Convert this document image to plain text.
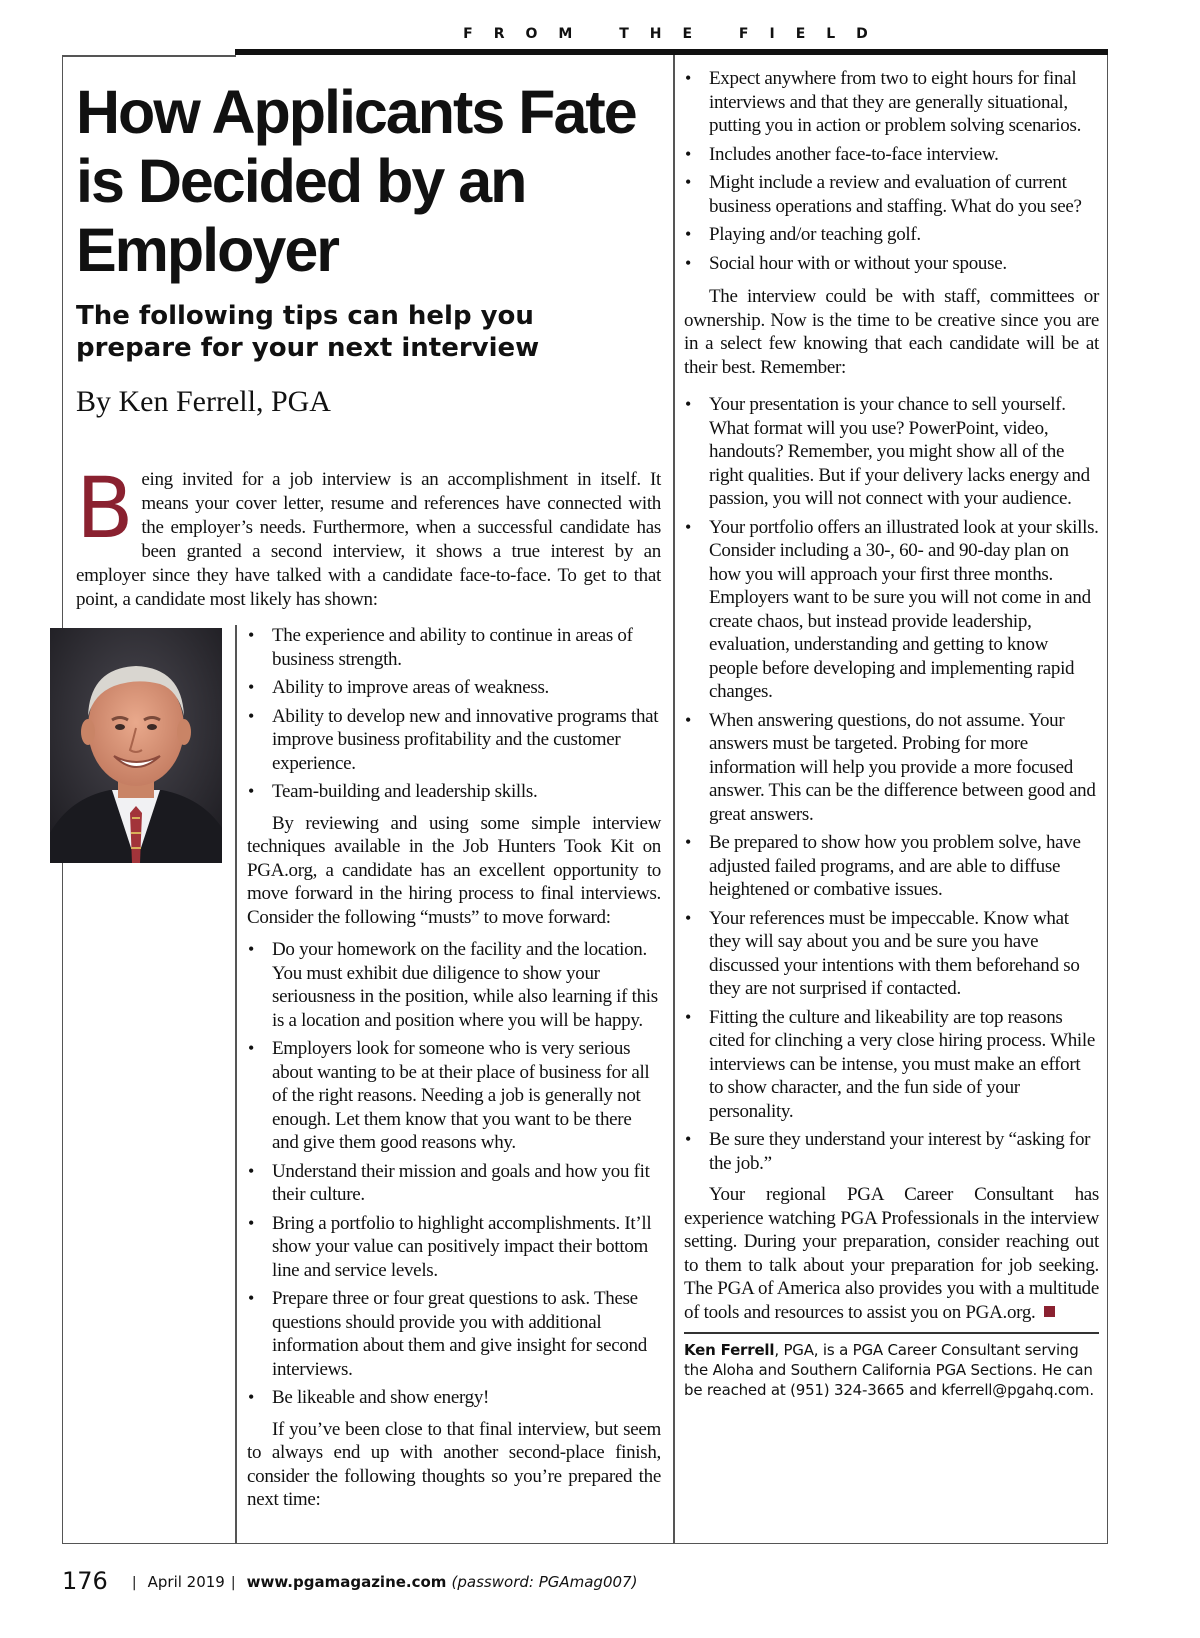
FROM THE FIELD
How Applicants Fate is Decided by an Employer
The following tips can help you prepare for your next interview
By Ken Ferrell, PGA
Being invited for a job interview is an accomplishment in itself. It means your cover letter, resume and references have connected with the employer’s needs. Furthermore, when a successful candidate has been granted a second interview, it shows a true interest by an employer since they have talked with a candidate face-to-face. To get to that point, a candidate most likely has shown:
• The experience and ability to continue in areas of business strength.
• Ability to improve areas of weakness.
• Ability to develop new and innovative programs that improve business profitability and the customer experience.
• Team-building and leadership skills.

By reviewing and using some simple interview techniques available in the Job Hunters Took Kit on PGA.org, a candidate has an excellent opportunity to move forward in the hiring process to final interviews. Consider the following “musts” to move forward:

• Do your homework on the facility and the location. You must exhibit due diligence to show your seriousness in the position, while also learning if this is a location and position where you will be happy.
• Employers look for someone who is very serious about wanting to be at their place of business for all of the right reasons. Needing a job is generally not enough. Let them know that you want to be there and give them good reasons why.
• Understand their mission and goals and how you fit their culture.
• Bring a portfolio to highlight accomplishments. It’ll show your value can positively impact their bottom line and service levels.
• Prepare three or four great questions to ask. These questions should provide you with additional information about them and give insight for second interviews.
• Be likeable and show energy!

If you’ve been close to that final interview, but seem to always end up with another second-place finish, consider the following thoughts so you’re prepared the next time:

• Expect anywhere from two to eight hours for final interviews and that they are generally situational, putting you in action or problem solving scenarios.
• Includes another face-to-face interview.
• Might include a review and evaluation of current business operations and staffing. What do you see?
• Playing and/or teaching golf.
• Social hour with or without your spouse.

The interview could be with staff, committees or ownership. Now is the time to be creative since you are in a select few knowing that each candidate will be at their best. Remember:

• Your presentation is your chance to sell yourself. What format will you use? PowerPoint, video, handouts? Remember, you might show all of the right qualities. But if your delivery lacks energy and passion, you will not connect with your audience.
• Your portfolio offers an illustrated look at your skills. Consider including a 30-, 60- and 90-day plan on how you will approach your first three months. Employers want to be sure you will not come in and create chaos, but instead provide leadership, evaluation, understanding and getting to know people before developing and implementing rapid changes.
• When answering questions, do not assume. Your answers must be targeted. Probing for more information will help you provide a more focused answer. This can be the difference between good and great answers.
• Be prepared to show how you problem solve, have adjusted failed programs, and are able to diffuse heightened or combative issues.
• Your references must be impeccable. Know what they will say about you and be sure you have discussed your intentions with them beforehand so they are not surprised if contacted.
• Fitting the culture and likeability are top reasons cited for clinching a very close hiring process. While interviews can be intense, you must make an effort to show character, and the fun side of your personality.
• Be sure they understand your interest by “asking for the job.”

Your regional PGA Career Consultant has experience watching PGA Professionals in the interview setting. During your preparation, consider reaching out to them to talk about your preparation for job seeking. The PGA of America also provides you with a multitude of tools and resources to assist you on PGA.org.

Ken Ferrell, PGA, is a PGA Career Consultant serving the Aloha and Southern California PGA Sections. He can be reached at (951) 324-3665 and kferrell@pgahq.com.
176 | April 2019 | www.pgamagazine.com (password: PGAmag007)
